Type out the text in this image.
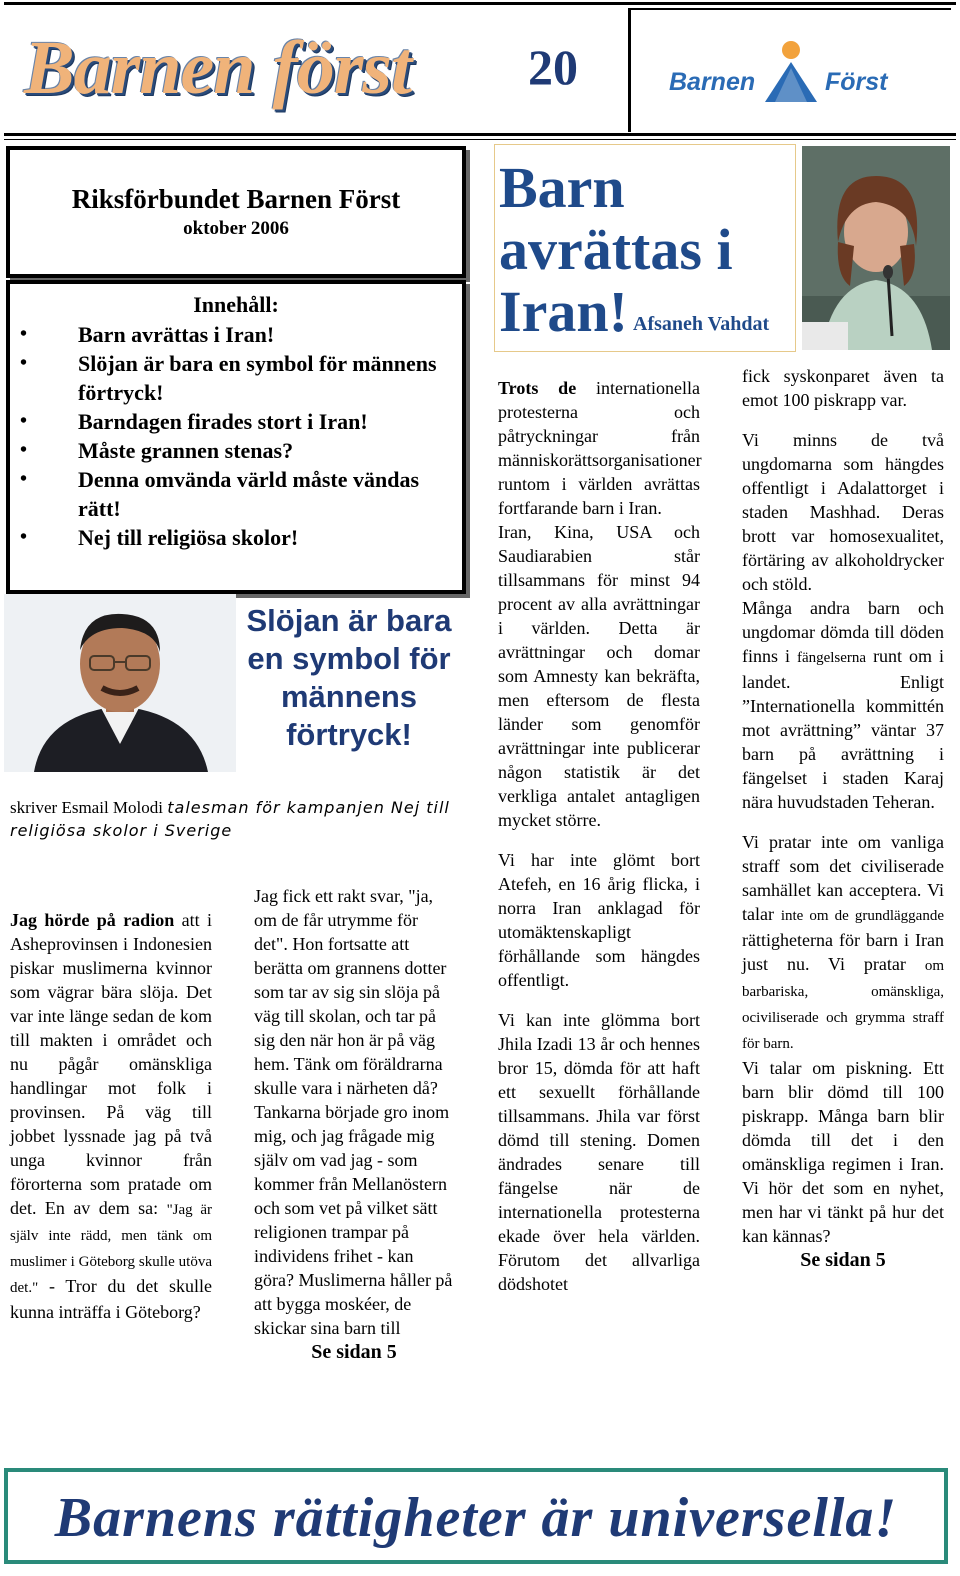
Barnen först	20	Barnen	Först
Riksförbundet Barnen Först
oktober 2006
Innehåll:
• Barn avrättas i Iran!
• Slöjan är bara en symbol för männens förtryck!
• Barndagen firades stort i Iran!
• Måste grannen stenas?
• Denna omvända värld måste vändas rätt!
• Nej till religiösa skolor!
Slöjan är bara en symbol för männens förtryck!
skriver Esmail Molodi talesman för kampanjen Nej till religiösa skolor i Sverige

Jag hörde på radion att i Asheprovinsen i Indonesien piskar muslimerna kvinnor som vägrar bära slöja. Det var inte länge sedan de kom till makten i området och nu pågår omänskliga handlingar mot folk i provinsen. På väg till jobbet lyssnade jag på två unga kvinnor från förorterna som pratade om det. En av dem sa: "Jag är själv inte rädd, men tänk om muslimer i Göteborg skulle utöva det." - Tror du det skulle kunna inträffa i Göteborg?

Jag fick ett rakt svar, "ja, om de får utrymme för det". Hon fortsatte att berätta om grannens dotter som tar av sig sin slöja på väg till skolan, och tar på sig den när hon är på väg hem. Tänk om föräldrarna skulle vara i närheten då? Tankarna började gro inom mig, och jag frågade mig själv om vad jag - som kommer från Mellanöstern och som vet på vilket sätt religionen trampar på individens frihet - kan göra? Muslimerna håller på att bygga moskéer, de skickar sina barn till

Se sidan 5
Barn
avrättas i
Iran! Afsaneh Vahdat

Trots de internationella protesterna och påtryckningar från människorättsorganisationer runtom i världen avrättas fortfarande barn i Iran.

Iran, Kina, USA och Saudiarabien står tillsammans för minst 94 procent av alla avrättningar i världen. Detta är avrättningar och domar som Amnesty kan bekräfta, men eftersom de flesta länder som genomför avrättningar inte publicerar någon statistik är det verkliga antalet antagligen mycket större.

Vi har inte glömt bort Atefeh, en 16 årig flicka, i norra Iran anklagad för utomäktenskapligt förhållande som hängdes offentligt.

Vi kan inte glömma bort Jhila Izadi 13 år och hennes bror 15, dömda för att haft ett sexuellt förhållande tillsammans. Jhila var först dömd till stening. Domen ändrades senare till fängelse när de internationella protesterna ekade över hela världen. Förutom det allvarliga dödshotet

fick syskonparet även ta emot 100 piskrapp var.

Vi minns de två ungdomarna som hängdes offentligt i Adalattorget i staden Mashhad. Deras brott var homosexualitet, förtäring av alkoholdrycker och stöld.

Många andra barn och ungdomar dömda till döden finns i fängelserna runt om i landet. Enligt ”Internationella kommittén mot avrättning” väntar 37 barn på avrättning i fängelset i staden Karaj nära huvudstaden Teheran.

Vi pratar inte om vanliga straff som det civiliserade samhället kan acceptera. Vi talar inte om de grundläggande rättigheterna för barn i Iran just nu. Vi pratar om barbariska, omänskliga, ociviliserade och grymma straff för barn.

Vi talar om piskning. Ett barn blir dömd till 100 piskrapp. Många barn blir dömda till det i den omänskliga regimen i Iran. Vi hör det som en nyhet, men har vi tänkt på hur det kan kännas?

Se sidan 5
Barnens rättigheter är universella!
